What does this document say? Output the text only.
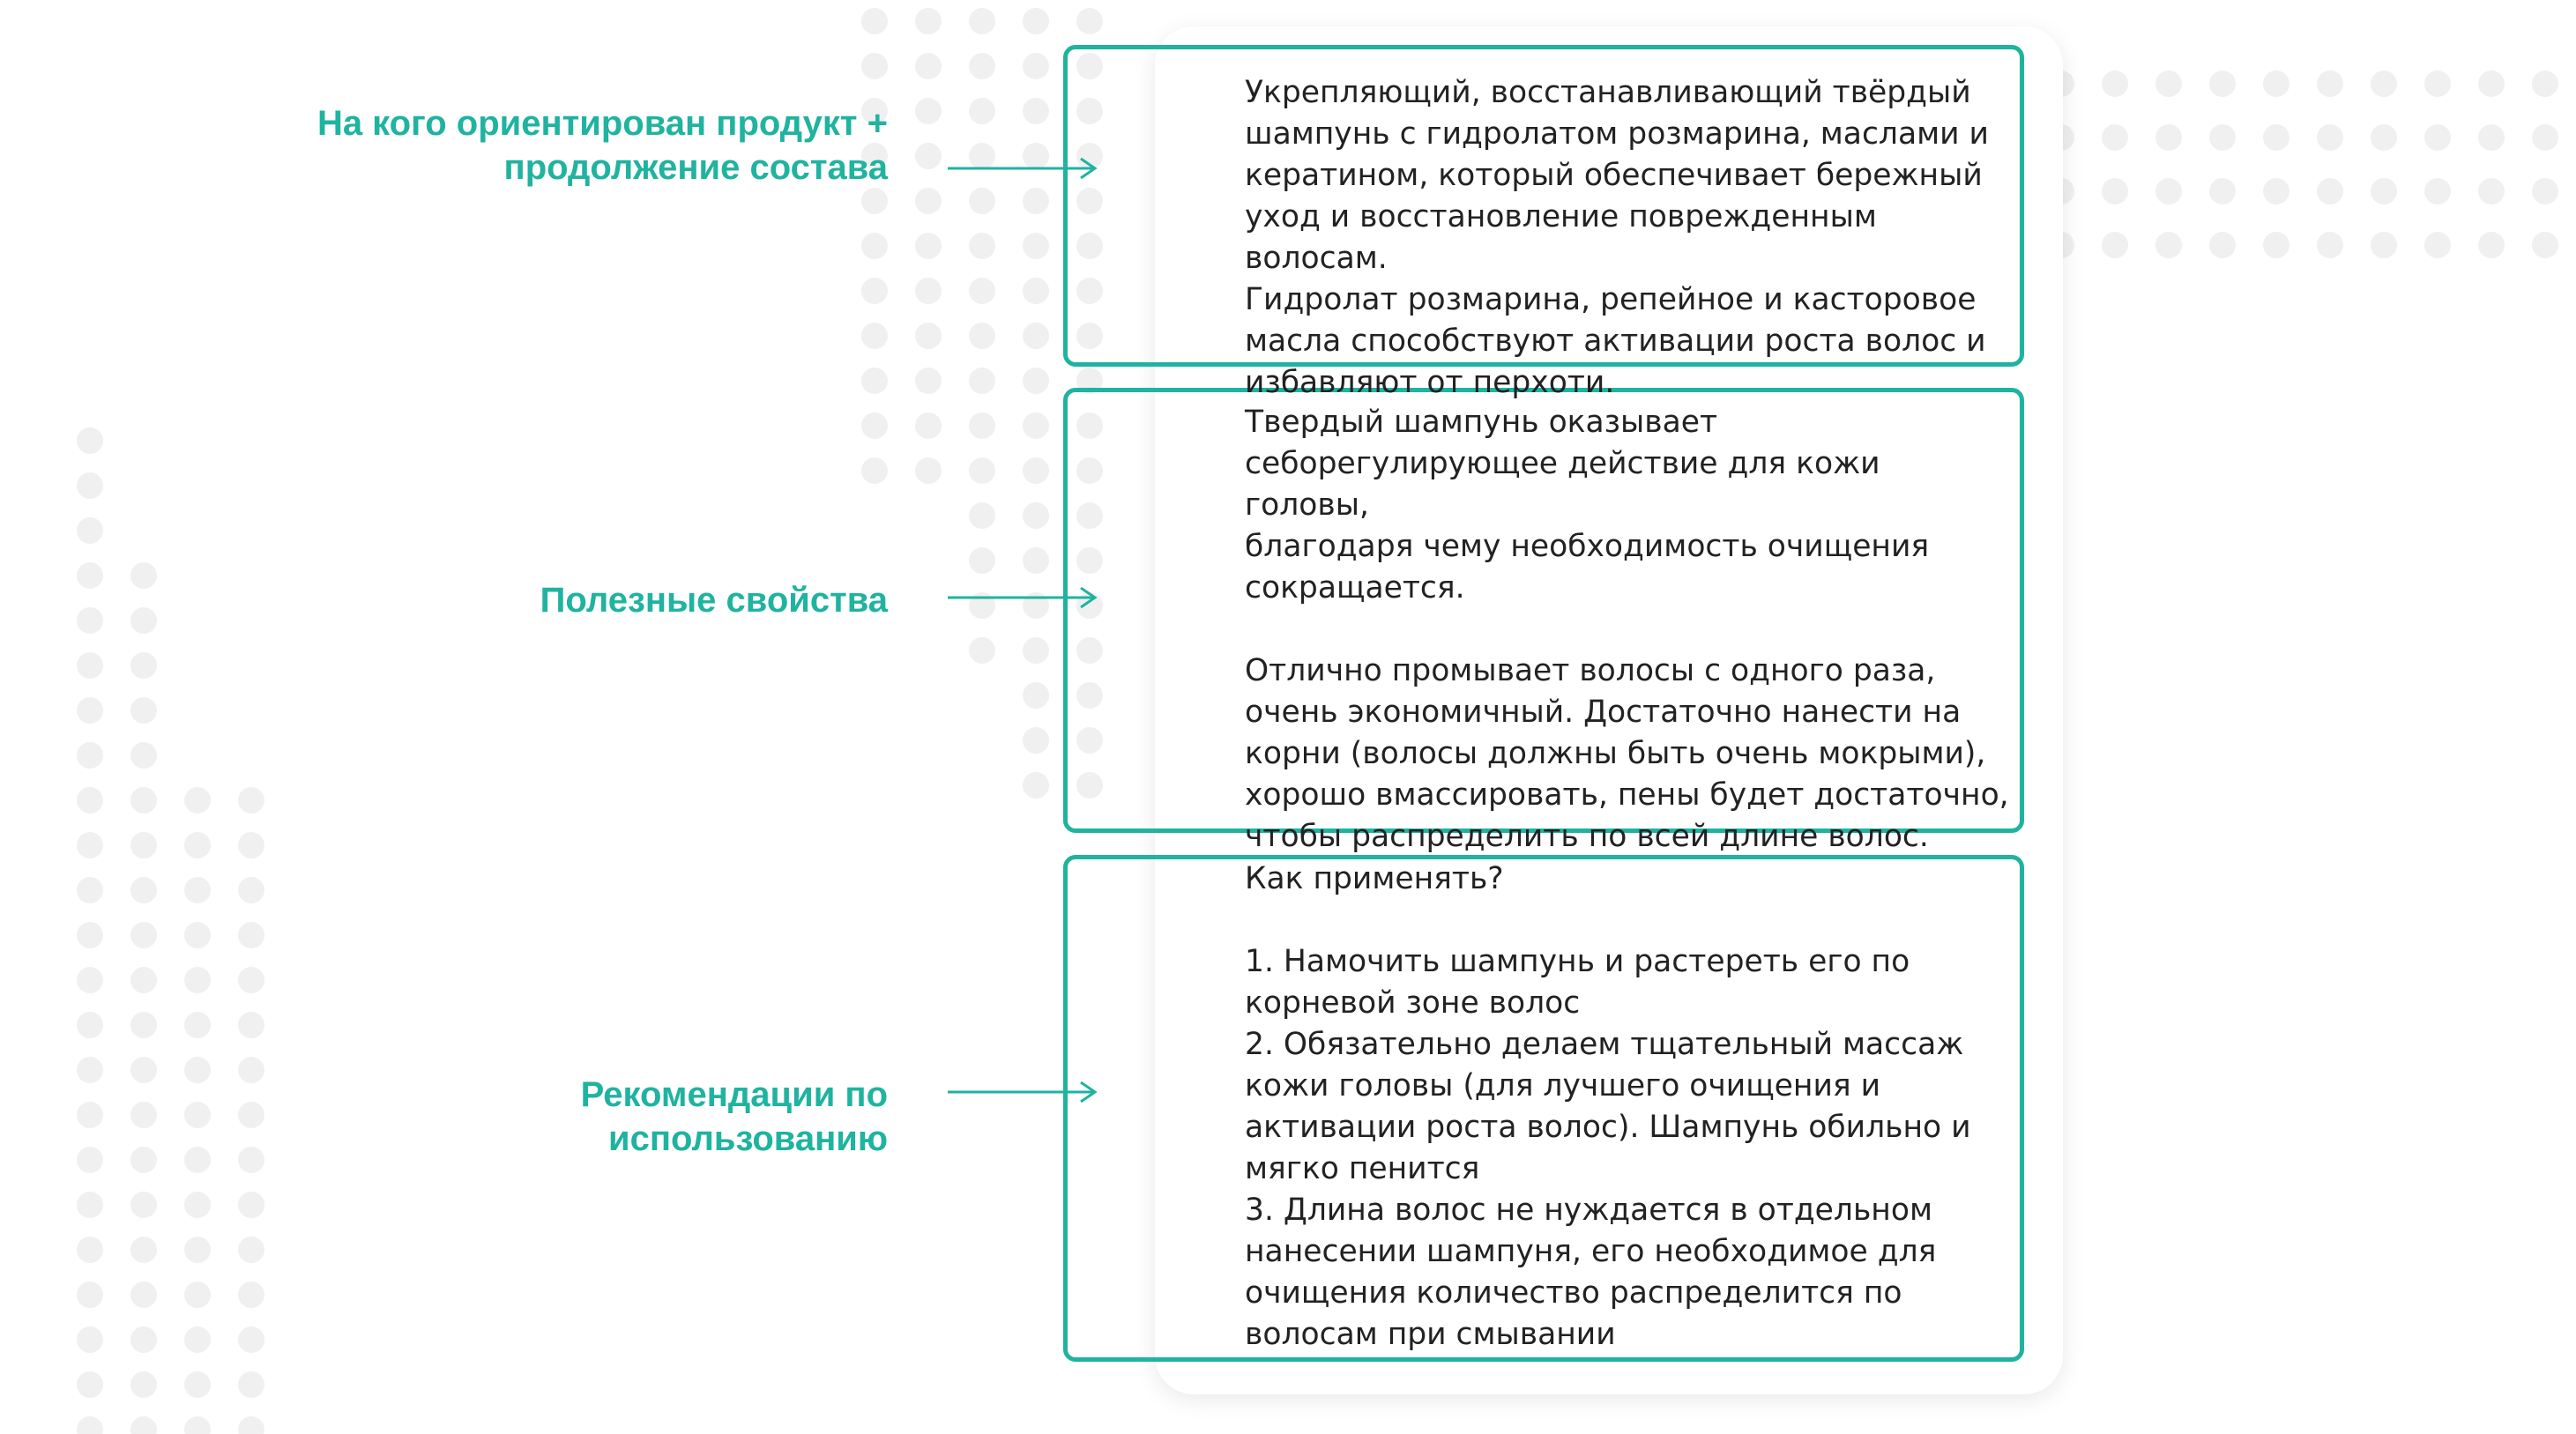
Укрепляющий, восстанавливающий твёрдый
шампунь с гидролатом розмарина, маслами и
кератином, который обеспечивает бережный
уход и восстановление поврежденным волосам.
Гидролат розмарина, репейное и касторовое
масла способствуют активации роста волос и
избавляют от перхоти.

Твердый шампунь оказывает
себорегулирующее действие для кожи головы,
благодаря чему необходимость очищения
сокращается.

Отлично промывает волосы с одного раза,
очень экономичный. Достаточно нанести на
корни (волосы должны быть очень мокрыми),
хорошо вмассировать, пены будет достаточно,
чтобы распределить по всей длине волос.

Как применять?

1. Намочить шампунь и растереть его по
корневой зоне волос
2. Обязательно делаем тщательный массаж
кожи головы (для лучшего очищения и
активации роста волос). Шампунь обильно и
мягко пенится
3. Длина волос не нуждается в отдельном
нанесении шампуня, его необходимое для
очищения количество распределится по
волосам при смывании

На кого ориентирован продукт +
продолжение состава

Полезные свойства

Рекомендации по
использованию
